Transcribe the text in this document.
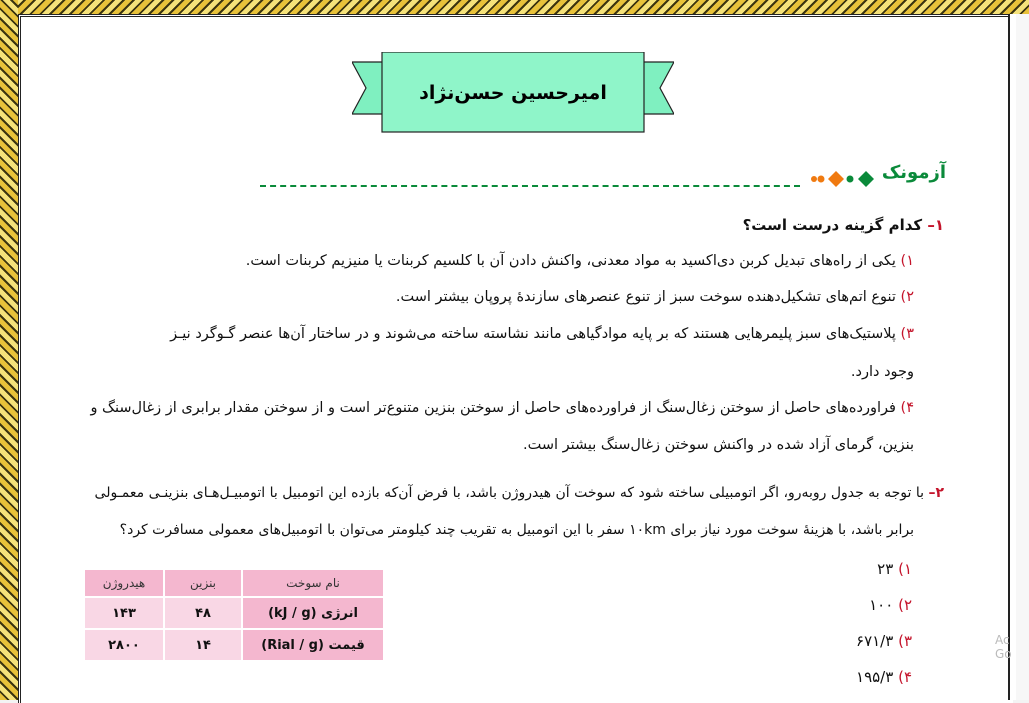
امیرحسین حسن‌نژاد
آزمونک
۱– کدام گزینه درست است؟
۱) یکی از راه‌های تبدیل کربن دی‌اکسید به مواد معدنی، واکنش دادن آن با کلسیم کربنات یا منیزیم کربنات است.
۲) تنوع اتم‌های تشکیل‌دهنده سوخت سبز از تنوع عنصرهای سازندهٔ پروپان بیشتر است.
۳) پلاستیک‌های سبز پلیمرهایی هستند که بر پایه مواد‌گیاهی مانند نشاسته ساخته می‌شوند و در ساختار آن‌ها عنصر گـوگرد نیـز
وجود دارد.
۴) فراورده‌های حاصل از سوختن زغال‌سنگ از فراورده‌های حاصل از سوختن بنزین متنوع‌تر است و از سوختن مقدار برابری از زغال‌سنگ و
بنزین، گرمای آزاد شده در واکنش سوختن زغال‌سنگ بیشتر است.
۲– با توجه به جدول روبه‌رو، اگر اتومبیلی ساخته شود که سوخت آن هیدروژن باشد، با فرض آن‌که بازده این اتومبیل با اتومبیـل‌هـای بنزینـی معمـولی
برابر باشد، با هزینهٔ سوخت مورد نیاز برای ۱۰km سفر با این اتومبیل به تقریب چند کیلومتر می‌توان با اتومبیل‌های معمولی مسافرت کرد؟
نام سوخت	بنزین	هیدروژن
انرژی (kJ / g)	۴۸	۱۴۳
قیمت (Rial / g)	۱۴	۲۸۰۰
۱) ۲۳
۲) ۱۰۰
۳) ۶۷۱/۳
۴) ۱۹۵/۳
Ac
Go
